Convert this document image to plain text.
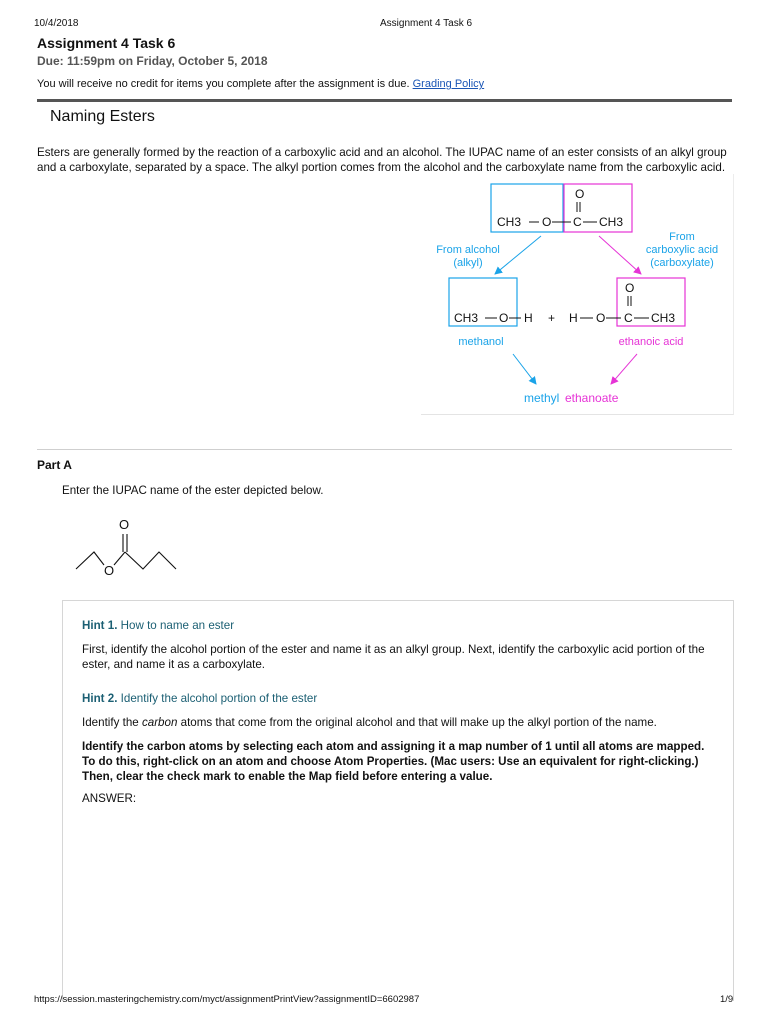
10/4/2018	Assignment 4 Task 6
Assignment 4 Task 6
Due: 11:59pm on Friday, October 5, 2018
You will receive no credit for items you complete after the assignment is due. Grading Policy
Naming Esters
Esters are generally formed by the reaction of a carboxylic acid and an alcohol. The IUPAC name of an ester consists of an alkyl group and a carboxylate, separated by a space. The alkyl portion comes from the alcohol and the carboxylate name from the carboxylic acid.
O
CH3 O C CH3
From alcohol
(alkyl)
From
carboxylic acid
(carboxylate)
O
CH3 O H + H O C CH3
methanol	ethanoic acid
methyl ethanoate
Part A
Enter the IUPAC name of the ester depicted below.
O
O
Hint 1. How to name an ester
First, identify the alcohol portion of the ester and name it as an alkyl group. Next, identify the carboxylic acid portion of the ester, and name it as a carboxylate.
Hint 2. Identify the alcohol portion of the ester
Identify the carbon atoms that come from the original alcohol and that will make up the alkyl portion of the name.
Identify the carbon atoms by selecting each atom and assigning it a map number of 1 until all atoms are mapped. To do this, right-click on an atom and choose Atom Properties. (Mac users: Use an equivalent for right-clicking.) Then, clear the check mark to enable the Map field before entering a value.
ANSWER:
https://session.masteringchemistry.com/myct/assignmentPrintView?assignmentID=6602987	1/9
